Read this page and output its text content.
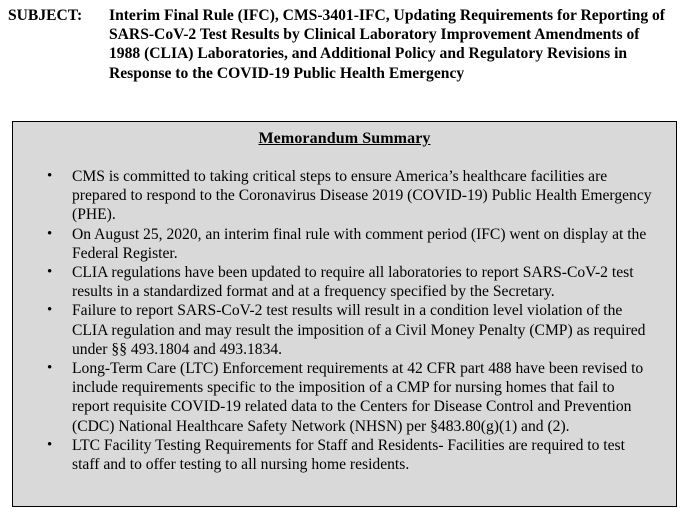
SUBJECT:	Interim Final Rule (IFC), CMS-3401-IFC, Updating Requirements for Reporting of SARS-CoV-2 Test Results by Clinical Laboratory Improvement Amendments of 1988 (CLIA) Laboratories, and Additional Policy and Regulatory Revisions in Response to the COVID-19 Public Health Emergency
Memorandum Summary
• CMS is committed to taking critical steps to ensure America’s healthcare facilities are prepared to respond to the Coronavirus Disease 2019 (COVID-19) Public Health Emergency (PHE).
• On August 25, 2020, an interim final rule with comment period (IFC) went on display at the Federal Register.
• CLIA regulations have been updated to require all laboratories to report SARS-CoV-2 test results in a standardized format and at a frequency specified by the Secretary.
• Failure to report SARS-CoV-2 test results will result in a condition level violation of the CLIA regulation and may result the imposition of a Civil Money Penalty (CMP) as required under §§ 493.1804 and 493.1834.
• Long-Term Care (LTC) Enforcement requirements at 42 CFR part 488 have been revised to include requirements specific to the imposition of a CMP for nursing homes that fail to report requisite COVID-19 related data to the Centers for Disease Control and Prevention (CDC) National Healthcare Safety Network (NHSN) per §483.80(g)(1) and (2).
• LTC Facility Testing Requirements for Staff and Residents- Facilities are required to test staff and to offer testing to all nursing home residents.
